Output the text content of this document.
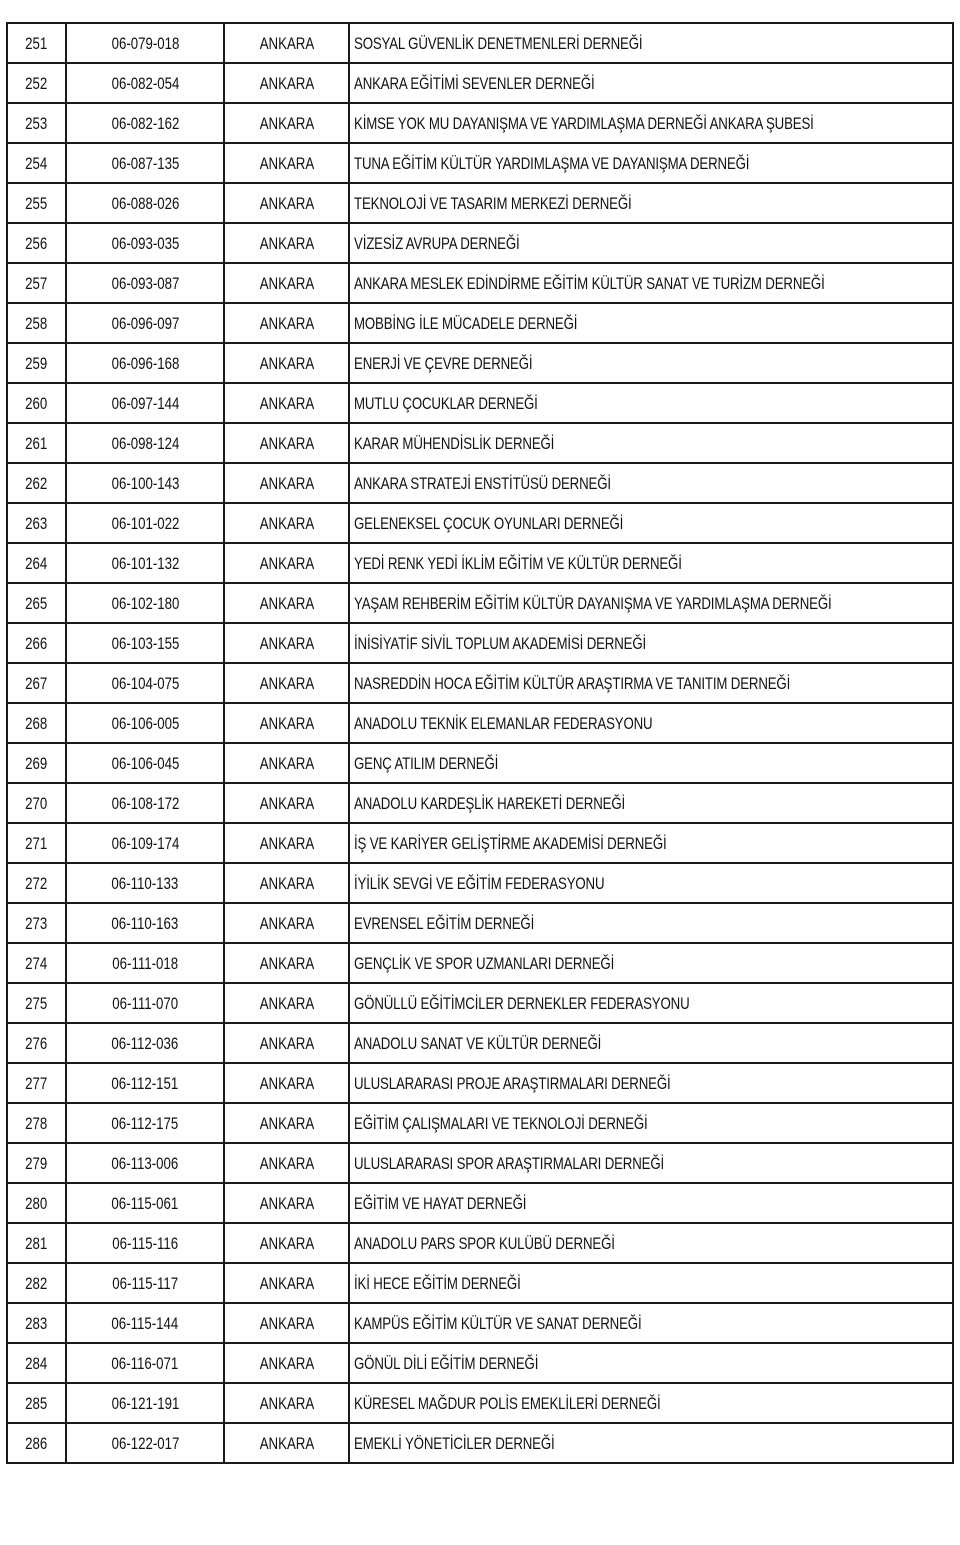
251	06-079-018	ANKARA	SOSYAL GÜVENLİK DENETMENLERİ DERNEĞİ
252	06-082-054	ANKARA	ANKARA EĞİTİMİ SEVENLER DERNEĞİ
253	06-082-162	ANKARA	KİMSE YOK MU DAYANIŞMA VE YARDIMLAŞMA DERNEĞİ ANKARA ŞUBESİ
254	06-087-135	ANKARA	TUNA EĞİTİM KÜLTÜR YARDIMLAŞMA VE DAYANIŞMA DERNEĞİ
255	06-088-026	ANKARA	TEKNOLOJİ VE TASARIM MERKEZİ DERNEĞİ
256	06-093-035	ANKARA	VİZESİZ AVRUPA DERNEĞİ
257	06-093-087	ANKARA	ANKARA MESLEK EDİNDİRME EĞİTİM KÜLTÜR SANAT VE TURİZM DERNEĞİ
258	06-096-097	ANKARA	MOBBİNG İLE MÜCADELE DERNEĞİ
259	06-096-168	ANKARA	ENERJİ VE ÇEVRE DERNEĞİ
260	06-097-144	ANKARA	MUTLU ÇOCUKLAR DERNEĞİ
261	06-098-124	ANKARA	KARAR MÜHENDİSLİK DERNEĞİ
262	06-100-143	ANKARA	ANKARA STRATEJİ ENSTİTÜSÜ DERNEĞİ
263	06-101-022	ANKARA	GELENEKSEL ÇOCUK OYUNLARI DERNEĞİ
264	06-101-132	ANKARA	YEDİ RENK YEDİ İKLİM EĞİTİM VE KÜLTÜR DERNEĞİ
265	06-102-180	ANKARA	YAŞAM REHBERİM EĞİTİM KÜLTÜR DAYANIŞMA VE YARDIMLAŞMA DERNEĞİ
266	06-103-155	ANKARA	İNİSİYATİF SİVİL TOPLUM AKADEMİSİ DERNEĞİ
267	06-104-075	ANKARA	NASREDDİN HOCA EĞİTİM KÜLTÜR ARAŞTIRMA VE TANITIM DERNEĞİ
268	06-106-005	ANKARA	ANADOLU TEKNİK ELEMANLAR FEDERASYONU
269	06-106-045	ANKARA	GENÇ ATILIM DERNEĞİ
270	06-108-172	ANKARA	ANADOLU KARDEŞLİK HAREKETİ DERNEĞİ
271	06-109-174	ANKARA	İŞ VE KARİYER GELİŞTİRME AKADEMİSİ DERNEĞİ
272	06-110-133	ANKARA	İYİLİK SEVGİ VE EĞİTİM FEDERASYONU
273	06-110-163	ANKARA	EVRENSEL EĞİTİM DERNEĞİ
274	06-111-018	ANKARA	GENÇLİK VE SPOR UZMANLARI DERNEĞİ
275	06-111-070	ANKARA	GÖNÜLLÜ EĞİTİMCİLER DERNEKLER FEDERASYONU
276	06-112-036	ANKARA	ANADOLU SANAT VE KÜLTÜR DERNEĞİ
277	06-112-151	ANKARA	ULUSLARARASI PROJE ARAŞTIRMALARI DERNEĞİ
278	06-112-175	ANKARA	EĞİTİM ÇALIŞMALARI VE TEKNOLOJİ DERNEĞİ
279	06-113-006	ANKARA	ULUSLARARASI SPOR ARAŞTIRMALARI DERNEĞİ
280	06-115-061	ANKARA	EĞİTİM VE HAYAT DERNEĞİ
281	06-115-116	ANKARA	ANADOLU PARS SPOR KULÜBÜ DERNEĞİ
282	06-115-117	ANKARA	İKİ HECE EĞİTİM DERNEĞİ
283	06-115-144	ANKARA	KAMPÜS EĞİTİM KÜLTÜR VE SANAT DERNEĞİ
284	06-116-071	ANKARA	GÖNÜL DİLİ EĞİTİM DERNEĞİ
285	06-121-191	ANKARA	KÜRESEL MAĞDUR POLİS EMEKLİLERİ DERNEĞİ
286	06-122-017	ANKARA	EMEKLİ YÖNETİCİLER DERNEĞİ
